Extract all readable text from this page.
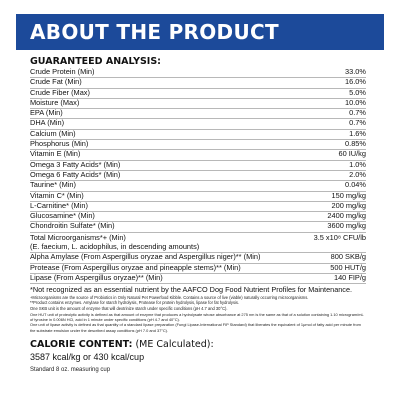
ABOUT THE PRODUCT
GUARANTEED ANALYSIS:
Crude Protein (Min)	33.0%
Crude Fat (Min)	16.0%
Crude Fiber (Max)	5.0%
Moisture (Max)	10.0%
EPA (Min)	0.7%
DHA (Min)	0.7%
Calcium (Min)	1.6%
Phosphorus (Min)	0.85%
Vitamin E (Min)	60 IU/kg
Omega 3 Fatty Acids* (Min)	1.0%
Omega 6 Fatty Acids* (Min)	2.0%
Taurine* (Min)	0.04%
Vitamin C* (Min)	150 mg/kg
L-Carnitine* (Min)	200 mg/kg
Glucosamine* (Min)	2400 mg/kg
Chondroitin Sulfate* (Min)	3600 mg/kg
Total Microorganisms*+ (Min)	3.5 x10⁸ CFU/lb
(E. faecium, L. acidophilus, in descending amounts)
Alpha Amylase (From Aspergillus oryzae and Aspergillus niger)** (Min)	800 SKB/g
Protease (From Aspergillus oryzae and pineapple stems)** (Min)	500 HUT/g
Lipase (From Aspergillus oryzae)** (Min)	140 FIP/g
*Not recognized as an essential nutrient by the AAFCO Dog Food Nutrient Profiles for Maintenance.
+Microorganisms are the source of Probiotics in Only Natural Pet Powerfood Kibble. Contains a source of live (viable) naturally occurring microorganisms.
**Product contains enzymes. Amylase for starch hydrolysis, Protease for protein hydrolysis, lipase for fat hydrolysis.
One SKB unit is the amount of enzyme that will dextrinize starch under specific conditions (pH 4.7 and 30°C).
One HUT unit of proteolytic activity is defined as that amount of enzyme that produces a hydrolysate whose absorbance at 275 nm is the same as that of a solution containing 1.10 microgram/mL of tyrosine in 0.006N HCl, acid in 1 minute under specific conditions (pH 4.7 and 40°C).
One unit of lipase activity is defined as that quantity of a standard lipase preparation (Fungi Lipase-International FIP Standard) that liberates the equivalent of 1μmol of fatty acid per minute from the substrate emulsion under the described assay conditions (pH 7.0 and 37°C).
CALORIE CONTENT: (ME Calculated):
3587 kcal/kg or 430 kcal/cup
Standard 8 oz. measuring cup
